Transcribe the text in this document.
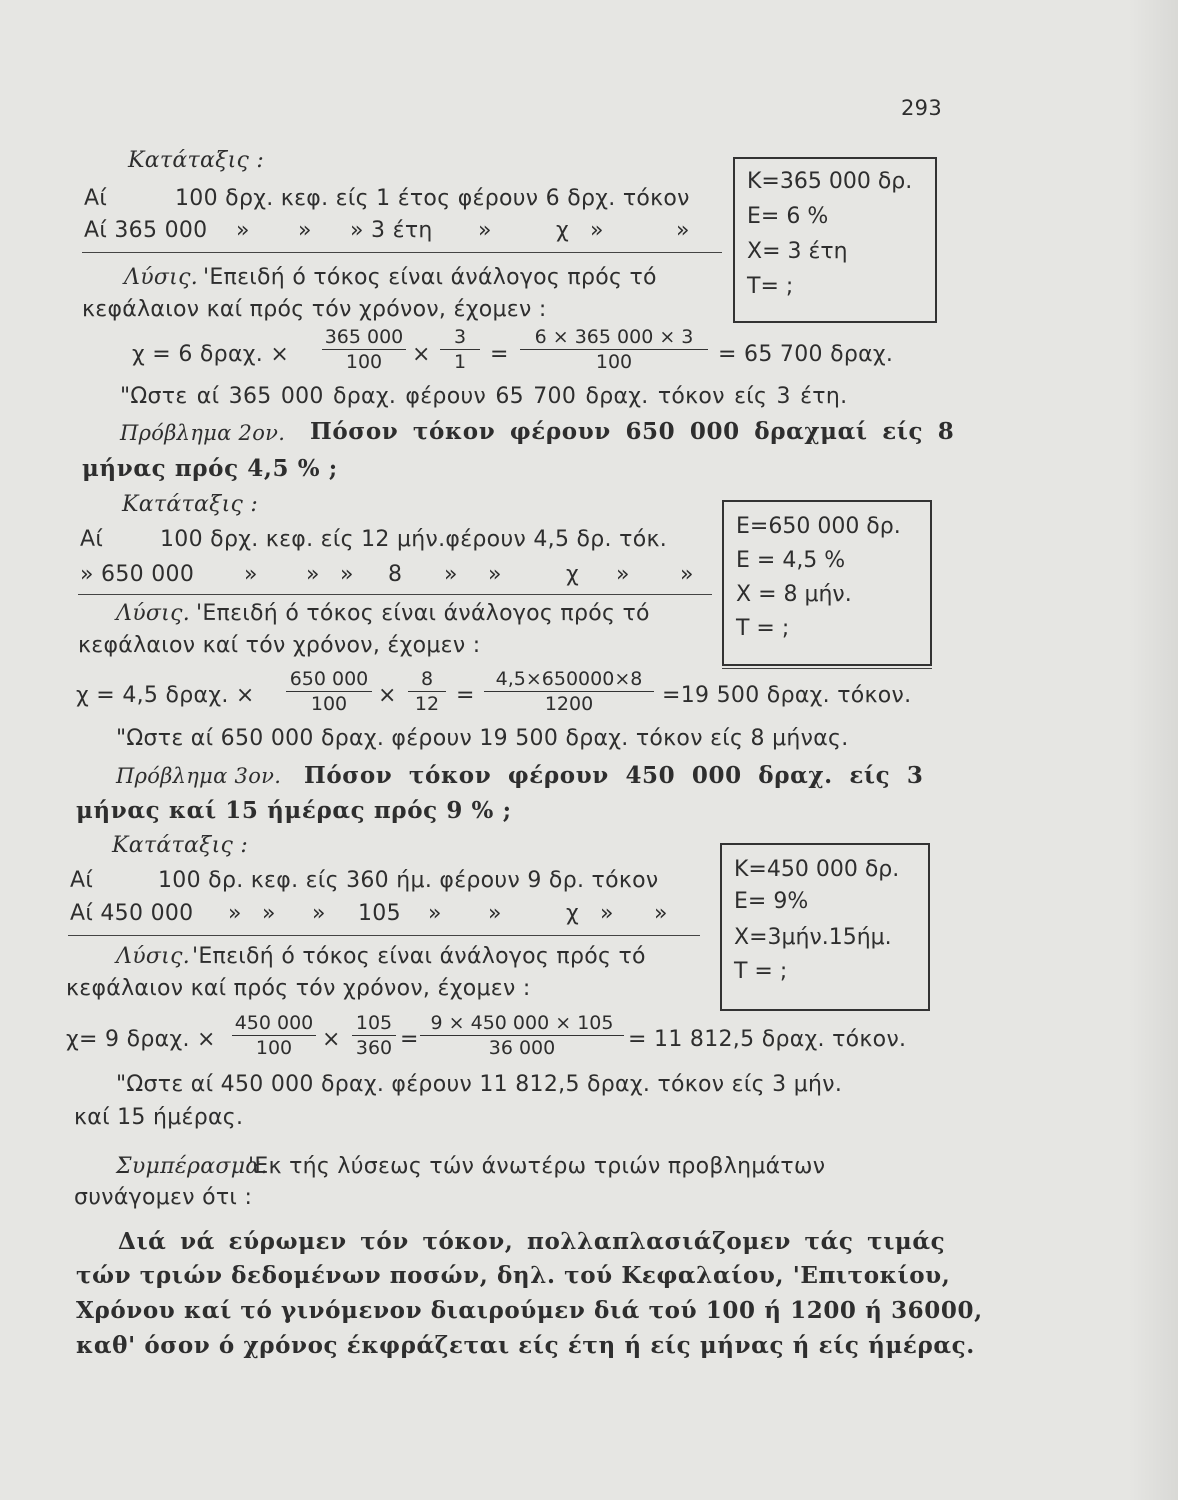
293
Κατάταξις :
Αί	100 δρχ. κεφ. είς 1 έτος φέρουν 6 δρχ. τόκον
Αί 365 000 » » » 3 έτη »	χ »	»
K=365 000 δρ.
E= 6 %
X= 3 έτη
T= ;
Λύσις. 'Επειδή ό τόκος είναι άνάλογος πρός τό
κεφάλαιον καί πρός τόν χρόνον, έχομεν :
χ = 6 δραχ. × $\frac{365 000}{100} \times \frac{3}{1} = \frac{6 \times 365 000 \times 3}{100} = 65$ 700 δραχ.
"Ωστε αί 365 000 δραχ. φέρουν 65 700 δραχ. τόκον είς 3 έτη.
Πρόβλημα 2ον. Πόσον τόκον φέρουν 650 000 δραχμαί είς 8
μήνας πρός 4,5 % ;
Κατάταξις :
Αί	100 δρχ. κεφ. είς 12 μήν.φέρουν 4,5 δρ. τόκ.
» 650 000 » » » 8 » »	χ » »
E=650 000 δρ.
E = 4,5 %
X = 8 μήν.
T = ;
Λύσις. 'Επειδή ό τόκος είναι άνάλογος πρός τό
κεφάλαιον καί τόν χρόνον, έχομεν :
χ = 4,5 δραχ. × $\frac{650 000}{100} \times \frac{8}{12} = \frac{4,5\times 650000\times 8}{1200} =19$ 500 δραχ. τόκον.
"Ωστε αί 650 000 δραχ. φέρουν 19 500 δραχ. τόκον είς 8 μήνας.
Πρόβλημα 3ον. Πόσον τόκον φέρουν 450 000 δραχ. είς 3
μήνας καί 15 ήμέρας πρός 9 % ;
Κατάταξις :
Αί	100 δρ. κεφ. είς 360 ήμ. φέρουν 9 δρ. τόκον
Αί 450 000 » » » 105 » »	χ » »
K=450 000 δρ.
E= 9%
X=3μήν.15ήμ.
T = ;
Λύσις. 'Επειδή ό τόκος είναι άνάλογος πρός τό
κεφάλαιον καί πρός τόν χρόνον, έχομεν :
χ= 9 δραχ. × $\frac{450 000}{100} \times \frac{105}{360} = \frac{9 \times 450 000 \times 105}{36 000} = 11$ 812,5 δραχ. τόκον.
"Ωστε αί 450 000 δραχ. φέρουν 11 812,5 δραχ. τόκον είς 3 μήν.
καί 15 ήμέρας.
Συμπέρασμα.
'Εκ τής λύσεως τών άνωτέρω τριών προβλημάτων
συνάγομεν ότι :
Διά νά εύρωμεν τόν τόκον, πολλαπλασιάζομεν τάς τιμάς
τών τριών δεδομένων ποσών, δηλ. τού Κεφαλαίου, 'Επιτοκίου,
Χρόνου καί τό γινόμενον διαιρούμεν διά τού 100 ή 1200 ή 36000,
καθ' όσον ό χρόνος έκφράζεται είς έτη ή είς μήνας ή είς ήμέρας.
